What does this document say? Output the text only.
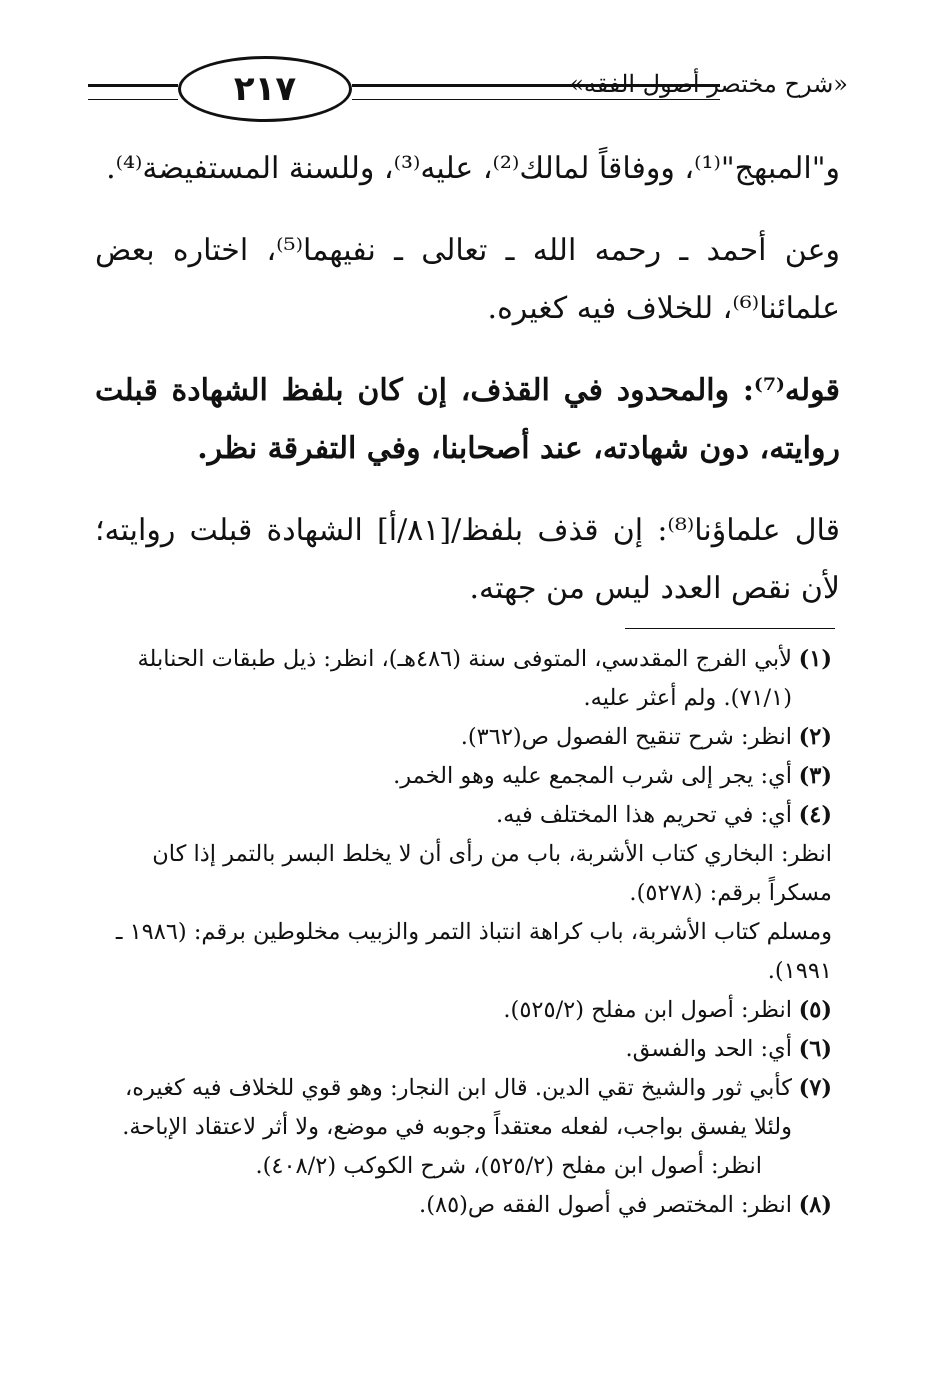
٢١٧	«شرح مختصر أصول الفقه»

و"المبهج"⁽¹⁾، ووفاقاً لمالك⁽²⁾، عليه⁽³⁾، وللسنة المستفيضة⁽⁴⁾.

وعن أحمد ـ رحمه الله ـ تعالى ـ نفيهما⁽⁵⁾، اختاره بعض علمائنا⁽⁶⁾، للخلاف فيه كغيره.

قوله⁽⁷⁾: والمحدود في القذف، إن كان بلفظ الشهادة قبلت روايته، دون شهادته، عند أصحابنا، وفي التفرقة نظر.

قال علماؤنا⁽⁸⁾: إن قذف بلفظ/[٨١/أ] الشهادة قبلت روايته؛ لأن نقص العدد ليس من جهته.

(١)
لأبي الفرج المقدسي، المتوفى سنة (٤٨٦هـ)، انظر: ذيل طبقات الحنابلة (٧١/١). ولم أعثر عليه.
(٢)
انظر: شرح تنقيح الفصول ص(٣٦٢).
(٣)
أي: يجر إلى شرب المجمع عليه وهو الخمر.
(٤)
أي: في تحريم هذا المختلف فيه.
انظر: البخاري كتاب الأشربة، باب من رأى أن لا يخلط البسر بالتمر إذا كان مسكراً برقم: (٥٢٧٨).
ومسلم كتاب الأشربة، باب كراهة انتباذ التمر والزبيب مخلوطين برقم: (١٩٨٦ ـ ١٩٩١).
(٥)
انظر: أصول ابن مفلح (٥٢٥/٢).
(٦)
أي: الحد والفسق.
(٧)
كأبي ثور والشيخ تقي الدين. قال ابن النجار: وهو قوي للخلاف فيه كغيره، ولئلا يفسق بواجب، لفعله معتقداً وجوبه في موضع، ولا أثر لاعتقاد الإباحة.
انظر: أصول ابن مفلح (٥٢٥/٢)، شرح الكوكب (٤٠٨/٢).
(٨)
انظر: المختصر في أصول الفقه ص(٨٥).
